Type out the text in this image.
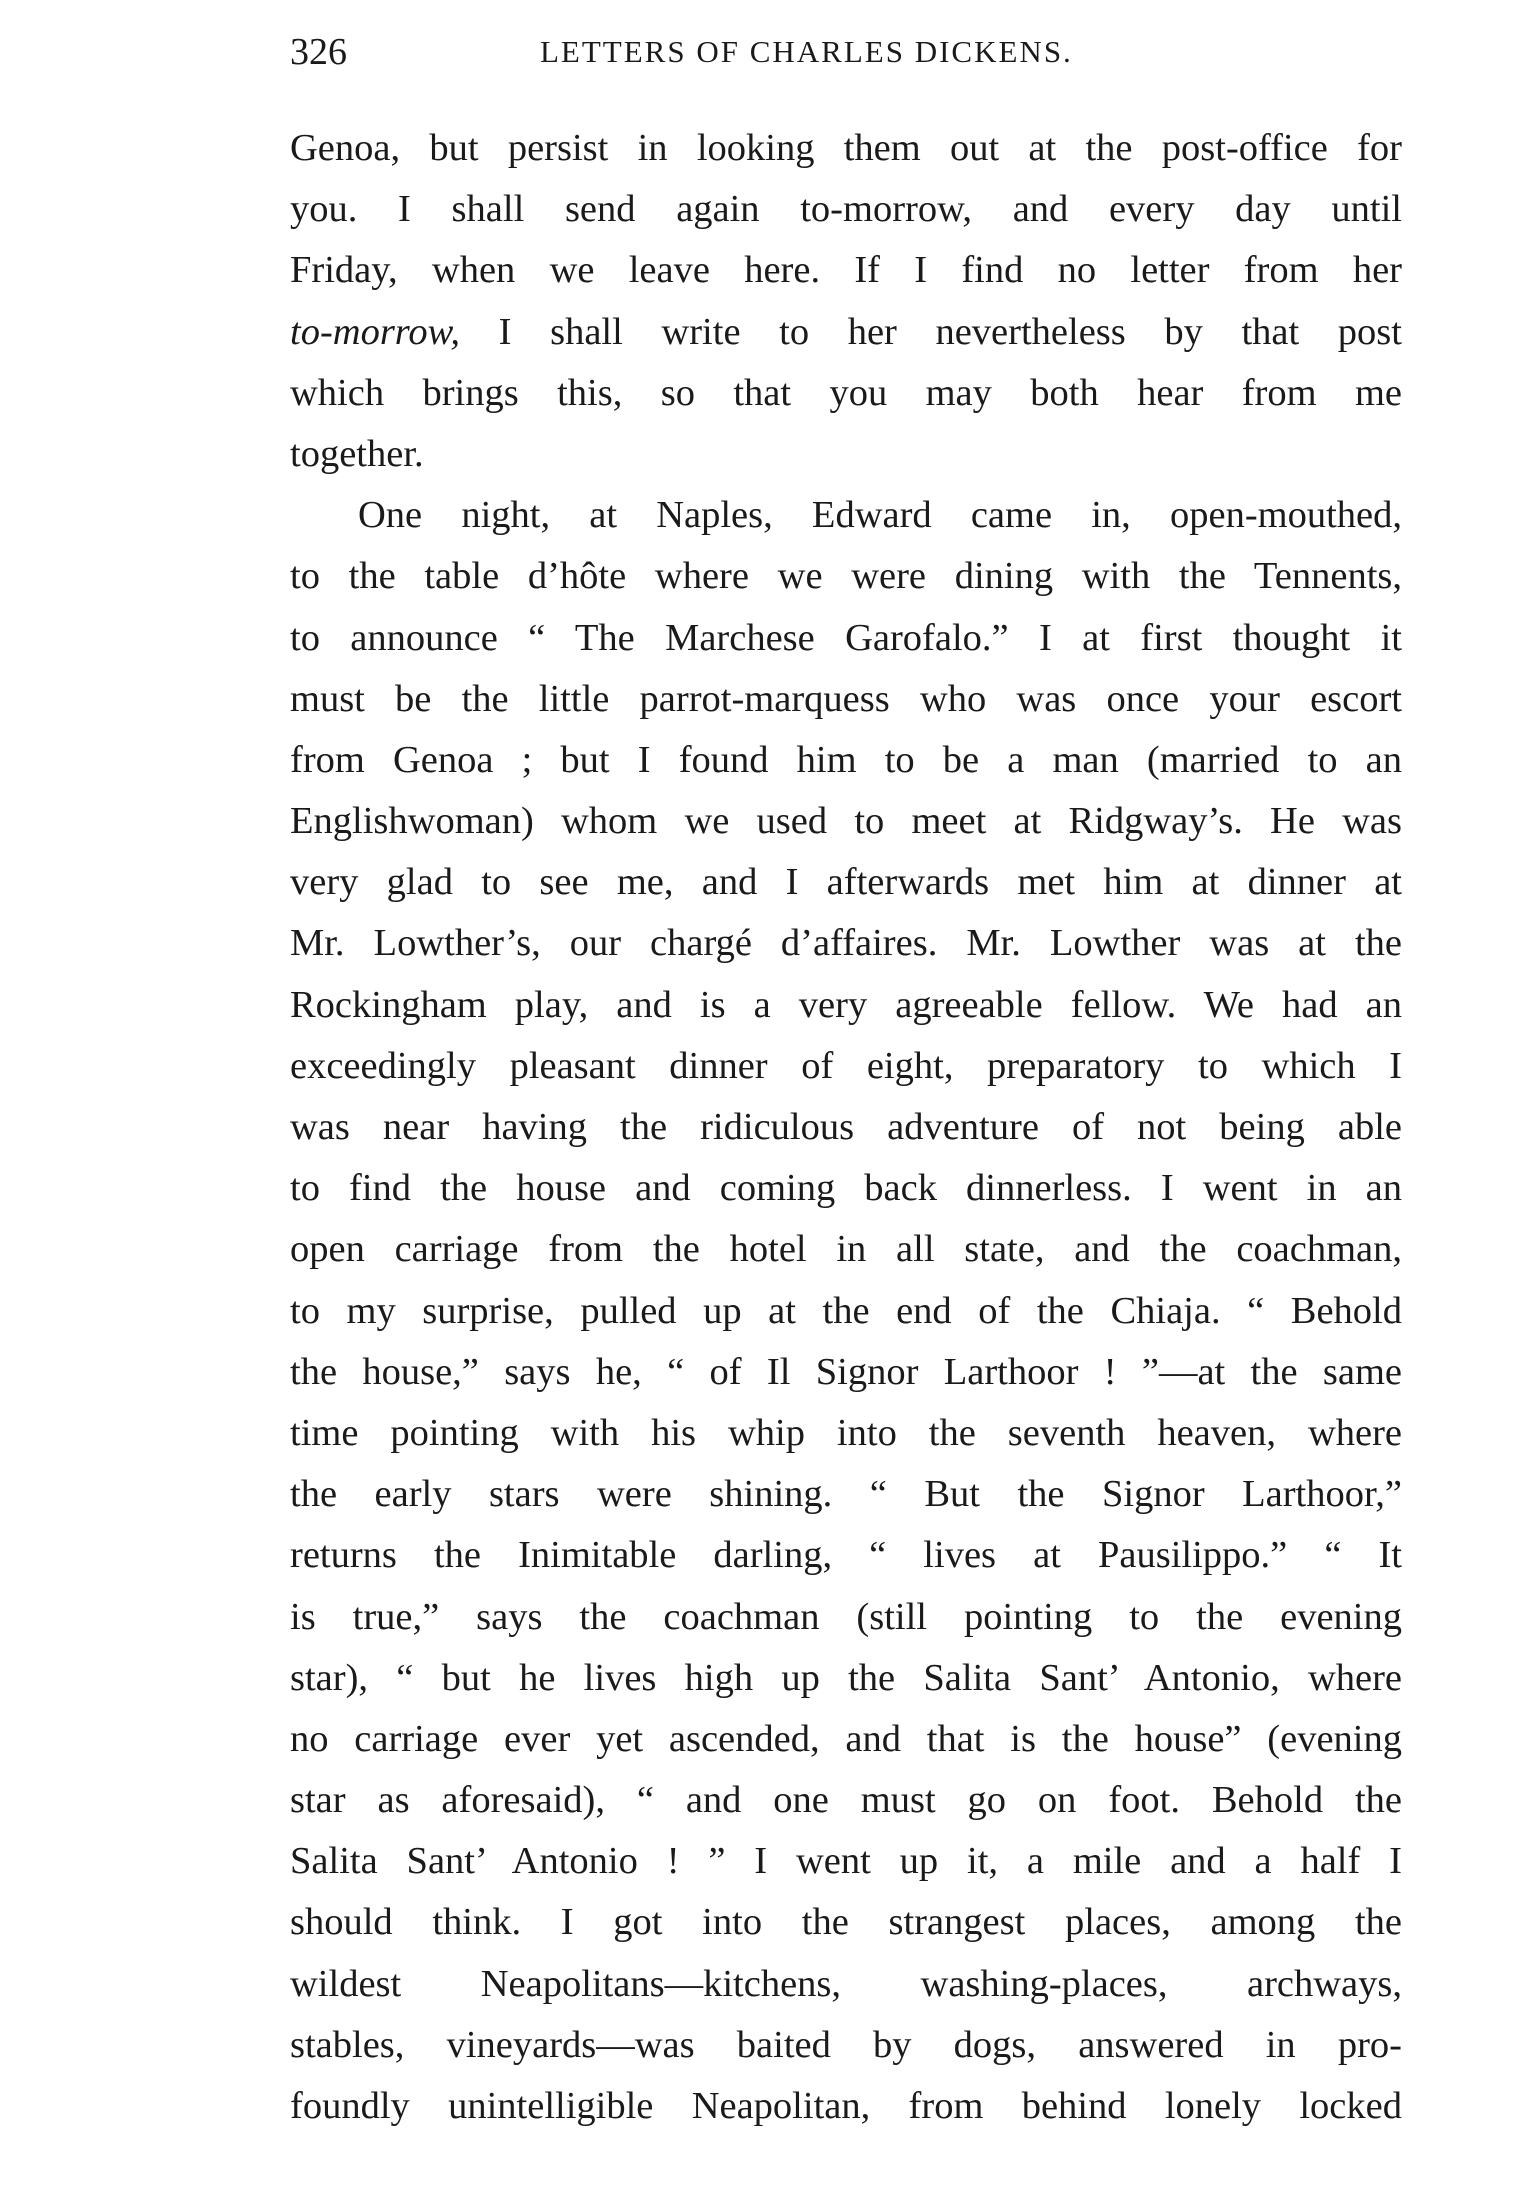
326	LETTERS OF CHARLES DICKENS.
Genoa, but persist in looking them out at the post-office for
you. I shall send again to-morrow, and every day until
Friday, when we leave here. If I find no letter from her
to-morrow, I shall write to her nevertheless by that post
which brings this, so that you may both hear from me
together.
One night, at Naples, Edward came in, open-mouthed,
to the table d’hôte where we were dining with the Tennents,
to announce “ The Marchese Garofalo.” I at first thought it
must be the little parrot-marquess who was once your escort
from Genoa ; but I found him to be a man (married to an
Englishwoman) whom we used to meet at Ridgway’s. He was
very glad to see me, and I afterwards met him at dinner at
Mr. Lowther’s, our chargé d’affaires. Mr. Lowther was at the
Rockingham play, and is a very agreeable fellow. We had an
exceedingly pleasant dinner of eight, preparatory to which I
was near having the ridiculous adventure of not being able
to find the house and coming back dinnerless. I went in an
open carriage from the hotel in all state, and the coachman,
to my surprise, pulled up at the end of the Chiaja. “ Behold
the house,” says he, “ of Il Signor Larthoor ! ”—at the same
time pointing with his whip into the seventh heaven, where
the early stars were shining. “ But the Signor Larthoor,”
returns the Inimitable darling, “ lives at Pausilippo.” “ It
is true,” says the coachman (still pointing to the evening
star), “ but he lives high up the Salita Sant’ Antonio, where
no carriage ever yet ascended, and that is the house” (evening
star as aforesaid), “ and one must go on foot. Behold the
Salita Sant’ Antonio ! ” I went up it, a mile and a half I
should think. I got into the strangest places, among the
wildest Neapolitans—kitchens, washing-places, archways,
stables, vineyards—was baited by dogs, answered in pro-
foundly unintelligible Neapolitan, from behind lonely locked
